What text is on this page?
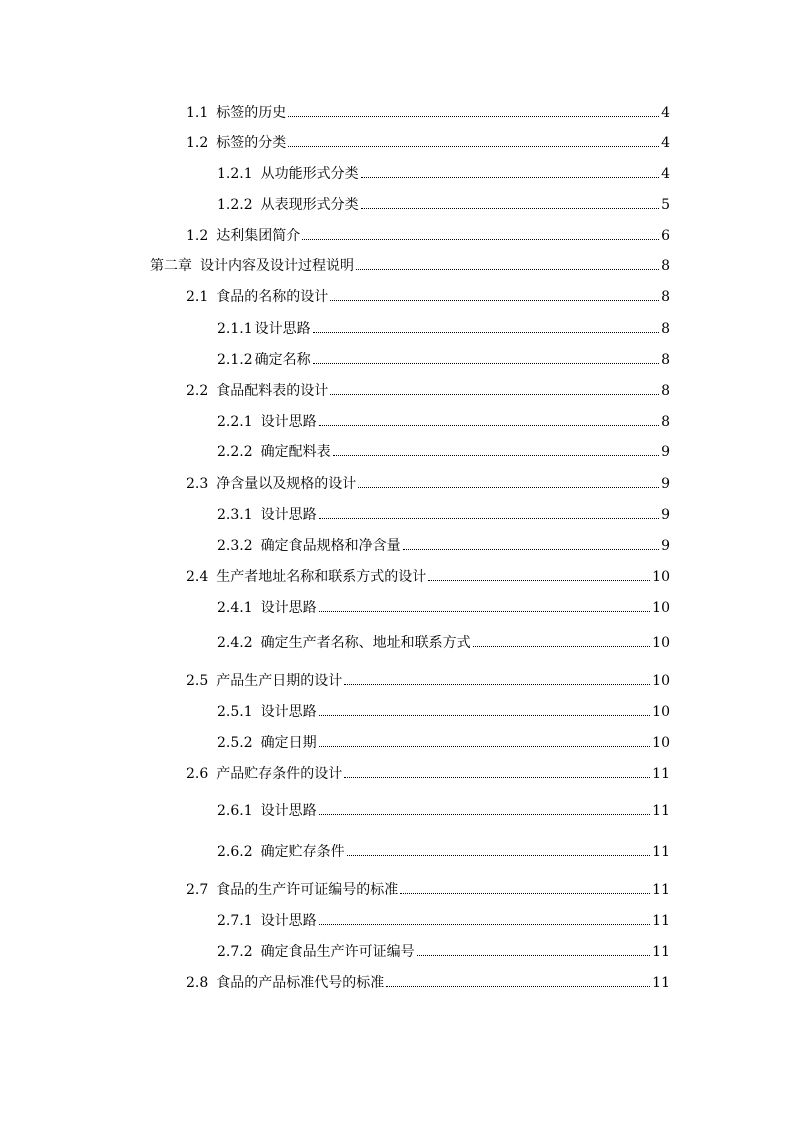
1.1 标签的历史	4
1.2 标签的分类	4
1.2.1 从功能形式分类	4
1.2.2 从表现形式分类	5
1.2 达利集团简介	6
第二章 设计内容及设计过程说明	8
2.1 食品的名称的设计	8
2.1.1 设计思路	8
2.1.2 确定名称	8
2.2 食品配料表的设计	8
2.2.1 设计思路	8
2.2.2 确定配料表	9
2.3 净含量以及规格的设计	9
2.3.1 设计思路	9
2.3.2 确定食品规格和净含量	9
2.4 生产者地址名称和联系方式的设计	10
2.4.1 设计思路	10
2.4.2 确定生产者名称、地址和联系方式	10
2.5 产品生产日期的设计	10
2.5.1 设计思路	10
2.5.2 确定日期	10
2.6 产品贮存条件的设计	11
2.6.1 设计思路	11
2.6.2 确定贮存条件	11
2.7 食品的生产许可证编号的标准	11
2.7.1 设计思路	11
2.7.2 确定食品生产许可证编号	11
2.8 食品的产品标准代号的标准	11
